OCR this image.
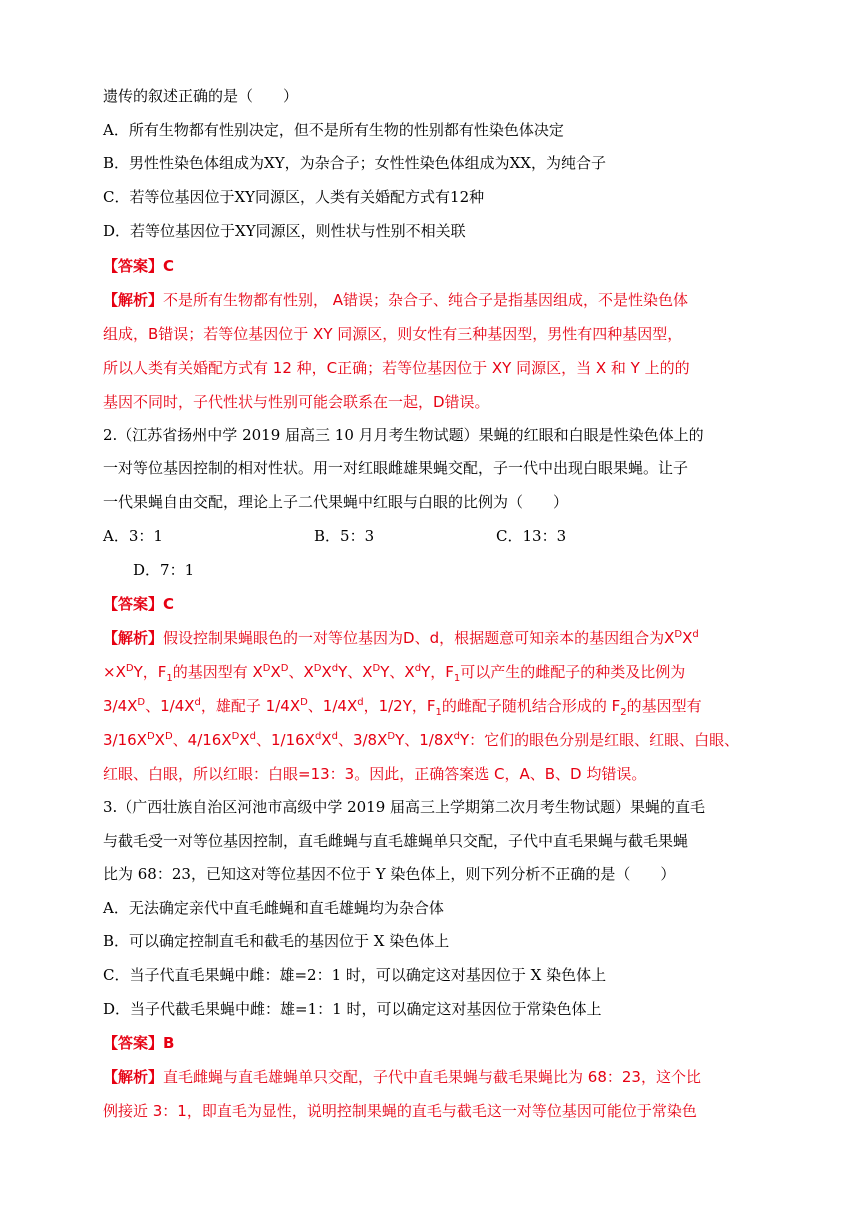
遗传的叙述正确的是（　　）
A．所有生物都有性别决定，但不是所有生物的性别都有性染色体决定
B．男性性染色体组成为XY，为杂合子；女性性染色体组成为XX，为纯合子
C．若等位基因位于XY同源区，人类有关婚配方式有12种
D．若等位基因位于XY同源区，则性状与性别不相关联
【答案】C
【解析】不是所有生物都有性别， A错误；杂合子、纯合子是指基因组成，不是性染色体
组成，B错误；若等位基因位于 XY 同源区，则女性有三种基因型，男性有四种基因型，
所以人类有关婚配方式有 12 种，C正确；若等位基因位于 XY 同源区，当 X 和 Y 上的的
基因不同时，子代性状与性别可能会联系在一起，D错误。
2.（江苏省扬州中学 2019 届高三 10 月月考生物试题）果蝇的红眼和白眼是性染色体上的
一对等位基因控制的相对性状。用一对红眼雌雄果蝇交配，子一代中出现白眼果蝇。让子
一代果蝇自由交配，理论上子二代果蝇中红眼与白眼的比例为（　　）
A．3：1	B．5：3	C．13：3
D．7：1
【答案】C
【解析】假设控制果蝇眼色的一对等位基因为D、d，根据题意可知亲本的基因组合为$X^DX^d$
$\times X^DY$，$F_1$的基因型有 $X^DX^D$、$X^DX^dY$、$X^DY$、$X^dY$，$F_1$可以产生的雌配子的种类及比例为
$3/4X^D$、$1/4X^d$，雄配子 $1/4X^D$、$1/4X^d$，1/2Y，$F_1$的雌配子随机结合形成的 $F_2$的基因型有
$3/16X^DX^D$、$4/16X^DX^d$、$1/16X^dX^d$、$3/8X^DY$、$1/8X^dY$：它们的眼色分别是红眼、红眼、白眼、
红眼、白眼，所以红眼：白眼=13：3。因此，正确答案选 C，A、B、D 均错误。
3.（广西壮族自治区河池市高级中学 2019 届高三上学期第二次月考生物试题）果蝇的直毛
与截毛受一对等位基因控制，直毛雌蝇与直毛雄蝇单只交配，子代中直毛果蝇与截毛果蝇
比为 68：23，已知这对等位基因不位于 Y 染色体上，则下列分析不正确的是（　　）
A．无法确定亲代中直毛雌蝇和直毛雄蝇均为杂合体
B．可以确定控制直毛和截毛的基因位于 X 染色体上
C．当子代直毛果蝇中雌：雄=2：1 时，可以确定这对基因位于 X 染色体上
D．当子代截毛果蝇中雌：雄=1：1 时，可以确定这对基因位于常染色体上
【答案】B
【解析】直毛雌蝇与直毛雄蝇单只交配，子代中直毛果蝇与截毛果蝇比为 68：23，这个比
例接近 3：1，即直毛为显性，说明控制果蝇的直毛与截毛这一对等位基因可能位于常染色
